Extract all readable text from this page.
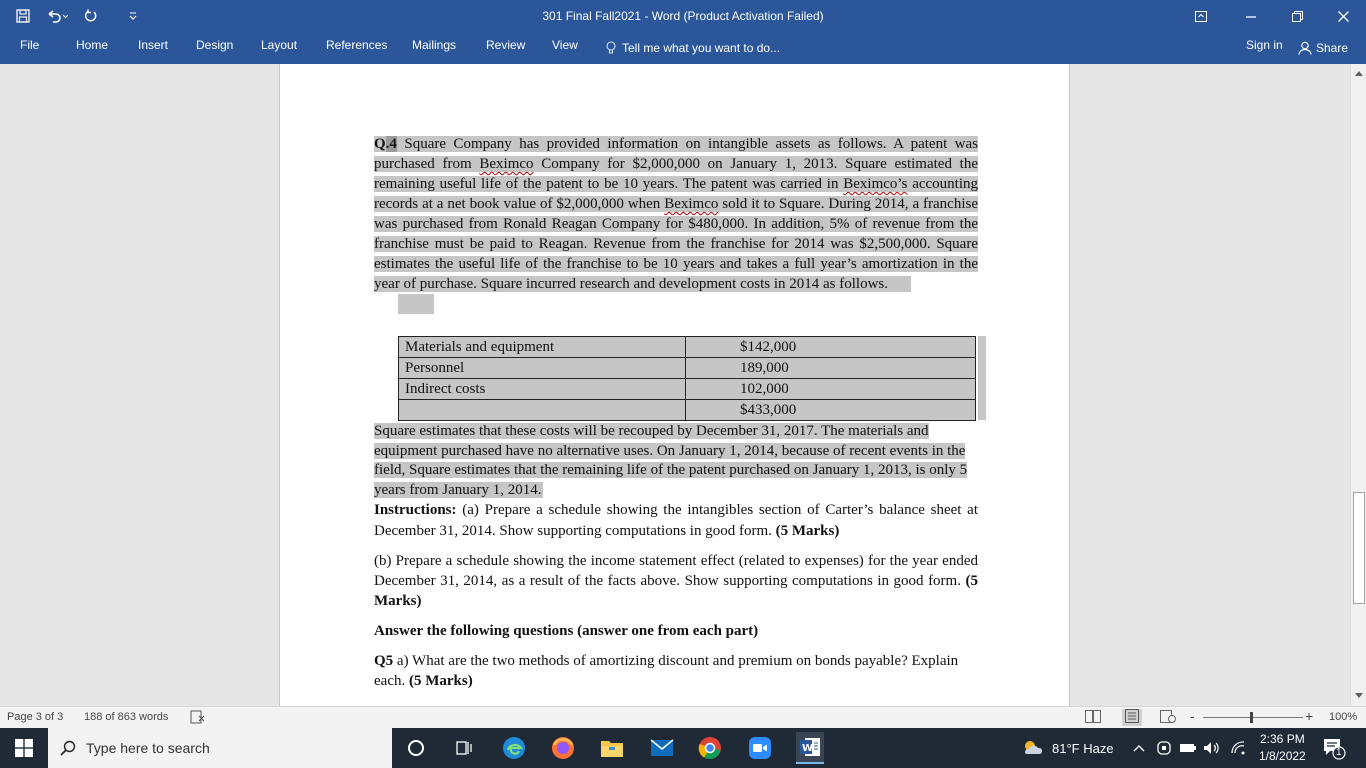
301 Final Fall2021 - Word (Product Activation Failed)
File	Home Insert Design Layout References Mailings Review View	Tell me what you want to do...	Sign in	Share

Q.4 Square Company has provided information on intangible assets as follows. A patent was purchased from Beximco Company for $2,000,000 on January 1, 2013. Square estimated the remaining useful life of the patent to be 10 years. The patent was carried in Beximco’s accounting records at a net book value of $2,000,000 when Beximco sold it to Square. During 2014, a franchise was purchased from Ronald Reagan Company for $480,000. In addition, 5% of revenue from the franchise must be paid to Reagan. Revenue from the franchise for 2014 was $2,500,000. Square estimates the useful life of the franchise to be 10 years and takes a full year’s amortization in the year of purchase. Square incurred research and development costs in 2014 as follows.

Materials and equipment	$142,000
Personnel	189,000
Indirect costs	102,000
	$433,000

Square estimates that these costs will be recouped by December 31, 2017. The materials and equipment purchased have no alternative uses. On January 1, 2014, because of recent events in the field, Square estimates that the remaining life of the patent purchased on January 1, 2013, is only 5 years from January 1, 2014.

Instructions: (a) Prepare a schedule showing the intangibles section of Carter’s balance sheet at December 31, 2014. Show supporting computations in good form. (5 Marks)

(b) Prepare a schedule showing the income statement effect (related to expenses) for the year ended December 31, 2014, as a result of the facts above. Show supporting computations in good form. (5 Marks)

Answer the following questions (answer one from each part)

Q5 a) What are the two methods of amortizing discount and premium on bonds payable? Explain each. (5 Marks)

Page 3 of 3 188 of 863 words	-	+ 100%
Type here to search	W	81°F Haze
2:36 PM
1/8/2022	1
